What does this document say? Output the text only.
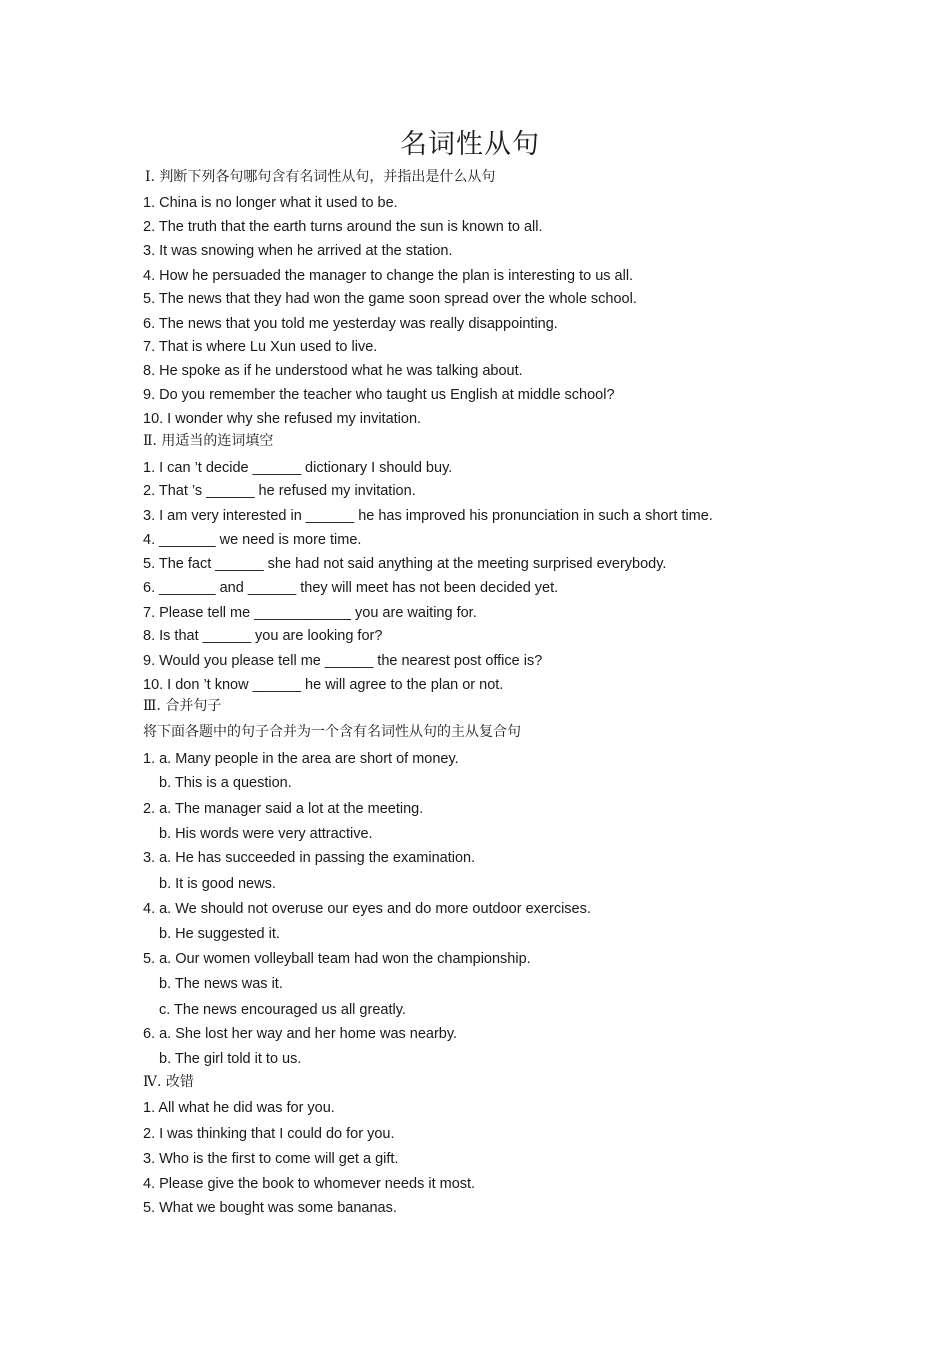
名词性从句
Ⅰ. 判断下列各句哪句含有名词性从句，并指出是什么从句
1. China is no longer what it used to be.
2. The truth that the earth turns around the sun is known to all.
3. It was snowing when he arrived at the station.
4. How he persuaded the manager to change the plan is interesting to us all.
5. The news that they had won the game soon spread over the whole school.
6. The news that you told me yesterday was really disappointing.
7. That is where Lu Xun used to live.
8. He spoke as if he understood what he was talking about.
9. Do you remember the teacher who taught us English at middle school?
10. I wonder why she refused my invitation.
Ⅱ. 用适当的连词填空
1. I can ’t decide ______ dictionary I should buy.
2. That ’s ______ he refused my invitation.
3. I am very interested in ______ he has improved his pronunciation in such a short time.
4. _______ we need is more time.
5. The fact ______ she had not said anything at the meeting surprised everybody.
6. _______ and ______ they will meet has not been decided yet.
7. Please tell me ____________ you are waiting for.
8. Is that ______ you are looking for?
9. Would you please tell me ______ the nearest post office is?
10. I don ’t know ______ he will agree to the plan or not.
Ⅲ. 合并句子
将下面各题中的句子合并为一个含有名词性从句的主从复合句
1. a. Many people in the area are short of money.
b. This is a question.
2. a. The manager said a lot at the meeting.
b. His words were very attractive.
3. a. He has succeeded in passing the examination.
b. It is good news.
4. a. We should not overuse our eyes and do more outdoor exercises.
b. He suggested it.
5. a. Our women volleyball team had won the championship.
b. The news was it.
c. The news encouraged us all greatly.
6. a. She lost her way and her home was nearby.
b. The girl told it to us.
Ⅳ. 改错
1. All what he did was for you.
2. I was thinking that I could do for you.
3. Who is the first to come will get a gift.
4. Please give the book to whomever needs it most.
5. What we bought was some bananas.
